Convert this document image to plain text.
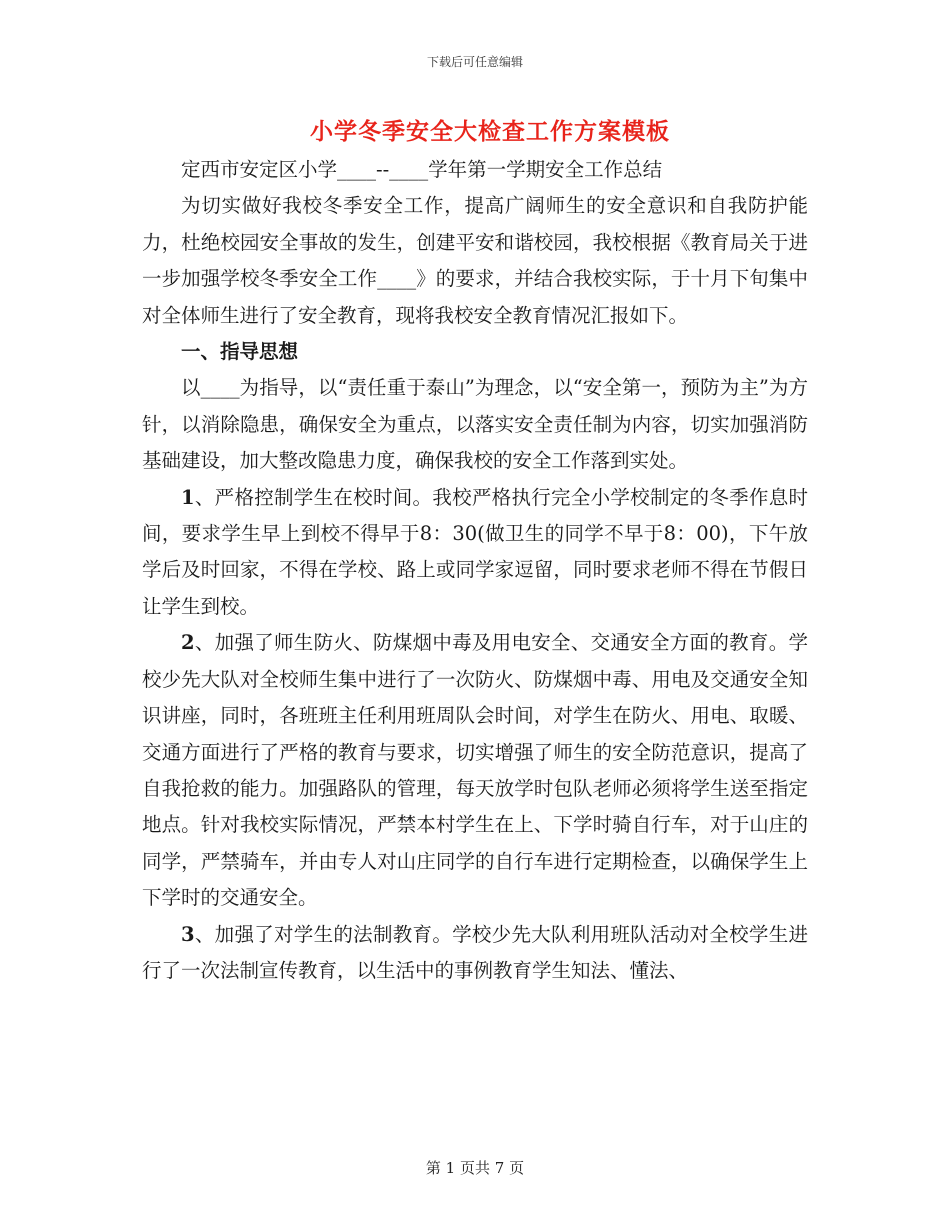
下载后可任意编辑
小学冬季安全大检查工作方案模板

定西市安定区小学____--____学年第一学期安全工作总结

为切实做好我校冬季安全工作，提高广阔师生的安全意识和自我防护能力，杜绝校园安全事故的发生，创建平安和谐校园，我校根据《教育局关于进一步加强学校冬季安全工作____》的要求，并结合我校实际，于十月下旬集中对全体师生进行了安全教育，现将我校安全教育情况汇报如下。

一、指导思想

以____为指导，以“责任重于泰山”为理念，以“安全第一，预防为主”为方针，以消除隐患，确保安全为重点，以落实安全责任制为内容，切实加强消防基础建设，加大整改隐患力度，确保我校的安全工作落到实处。

1、严格控制学生在校时间。我校严格执行完全小学校制定的冬季作息时间，要求学生早上到校不得早于8：30(做卫生的同学不早于8：00)，下午放学后及时回家，不得在学校、路上或同学家逗留，同时要求老师不得在节假日让学生到校。

2、加强了师生防火、防煤烟中毒及用电安全、交通安全方面的教育。学校少先大队对全校师生集中进行了一次防火、防煤烟中毒、用电及交通安全知识讲座，同时，各班班主任利用班周队会时间，对学生在防火、用电、取暖、交通方面进行了严格的教育与要求，切实增强了师生的安全防范意识，提高了自我抢救的能力。加强路队的管理，每天放学时包队老师必须将学生送至指定地点。针对我校实际情况，严禁本村学生在上、下学时骑自行车，对于山庄的同学，严禁骑车，并由专人对山庄同学的自行车进行定期检查，以确保学生上下学时的交通安全。

3、加强了对学生的法制教育。学校少先大队利用班队活动对全校学生进行了一次法制宣传教育，以生活中的事例教育学生知法、懂法、

第 1 页共 7 页
